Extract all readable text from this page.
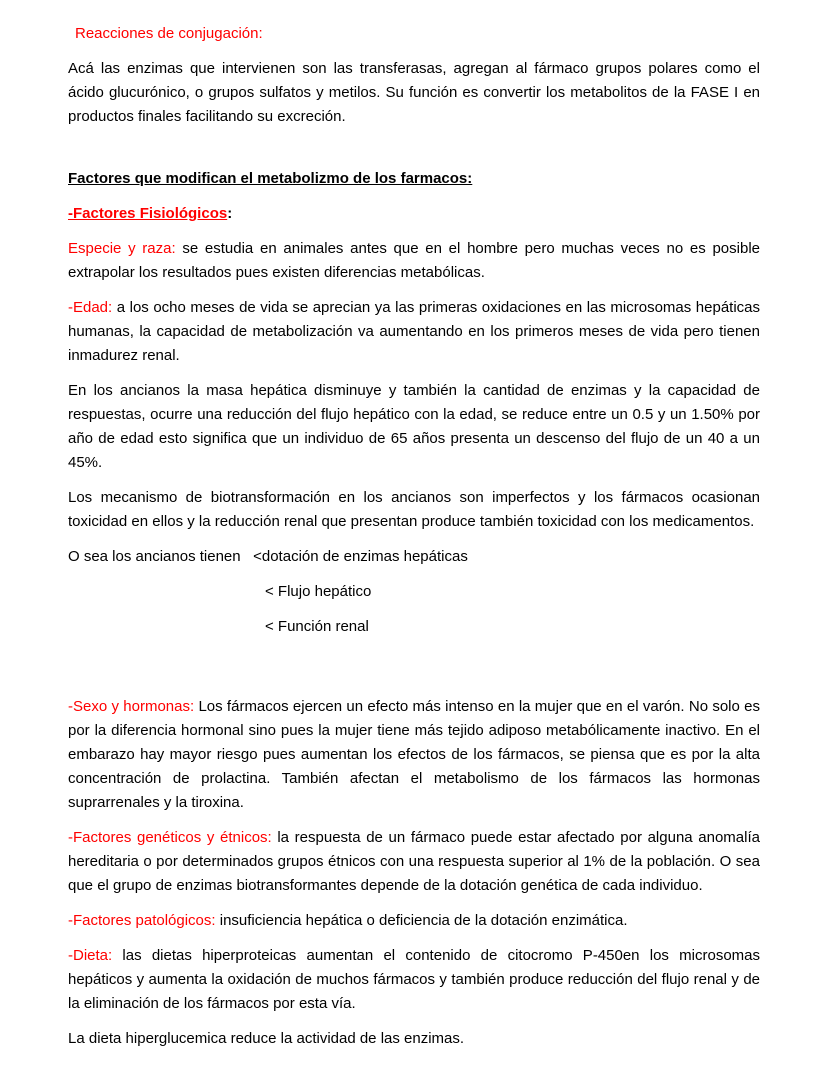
Reacciones de conjugación:

Acá las enzimas que intervienen son las transferasas, agregan al fármaco grupos polares como el ácido glucurónico, o grupos sulfatos y metilos. Su función es convertir los metabolitos de la FASE I en productos finales facilitando su excreción.

Factores que modifican el metabolizmo de los farmacos:

-Factores Fisiológicos:

Especie y raza: se estudia en animales antes que en el hombre pero muchas veces no es posible extrapolar los resultados pues existen diferencias metabólicas.

-Edad: a los ocho meses de vida se aprecian ya las primeras oxidaciones en las microsomas hepáticas humanas, la capacidad de metabolización va aumentando en los primeros meses de vida pero tienen inmadurez renal.

En los ancianos la masa hepática disminuye y también la cantidad de enzimas y la capacidad de respuestas, ocurre una reducción del flujo hepático con la edad, se reduce entre un 0.5 y un 1.50% por año de edad esto significa que un individuo de 65 años presenta un descenso del flujo de un 40 a un 45%.

Los mecanismo de biotransformación en los ancianos son imperfectos y los fármacos ocasionan toxicidad en ellos y la reducción renal que presentan produce también toxicidad con los medicamentos.

O sea los ancianos tienen   <dotación de enzimas hepáticas

< Flujo hepático

< Función renal

-Sexo y hormonas: Los fármacos ejercen un efecto más intenso en la mujer que en el varón. No solo es por la diferencia hormonal sino pues la mujer tiene más tejido adiposo metabólicamente inactivo. En el embarazo hay mayor riesgo pues aumentan los efectos de los fármacos, se piensa que es por la alta concentración de prolactina. También afectan el metabolismo de los fármacos las hormonas suprarrenales y la tiroxina.

-Factores genéticos y étnicos: la respuesta de un fármaco puede estar afectado por alguna anomalía hereditaria o por determinados grupos étnicos con una respuesta superior al 1% de la población. O sea que el grupo de enzimas biotransformantes depende de la dotación genética de cada individuo.

-Factores patológicos: insuficiencia hepática o deficiencia de la dotación enzimática.

-Dieta: las dietas hiperproteicas aumentan el contenido de citocromo P-450en los microsomas hepáticos y aumenta la oxidación de muchos fármacos y también produce reducción del flujo renal y de la eliminación de los fármacos por esta vía.

La dieta hiperglucemica reduce la actividad de las enzimas.
